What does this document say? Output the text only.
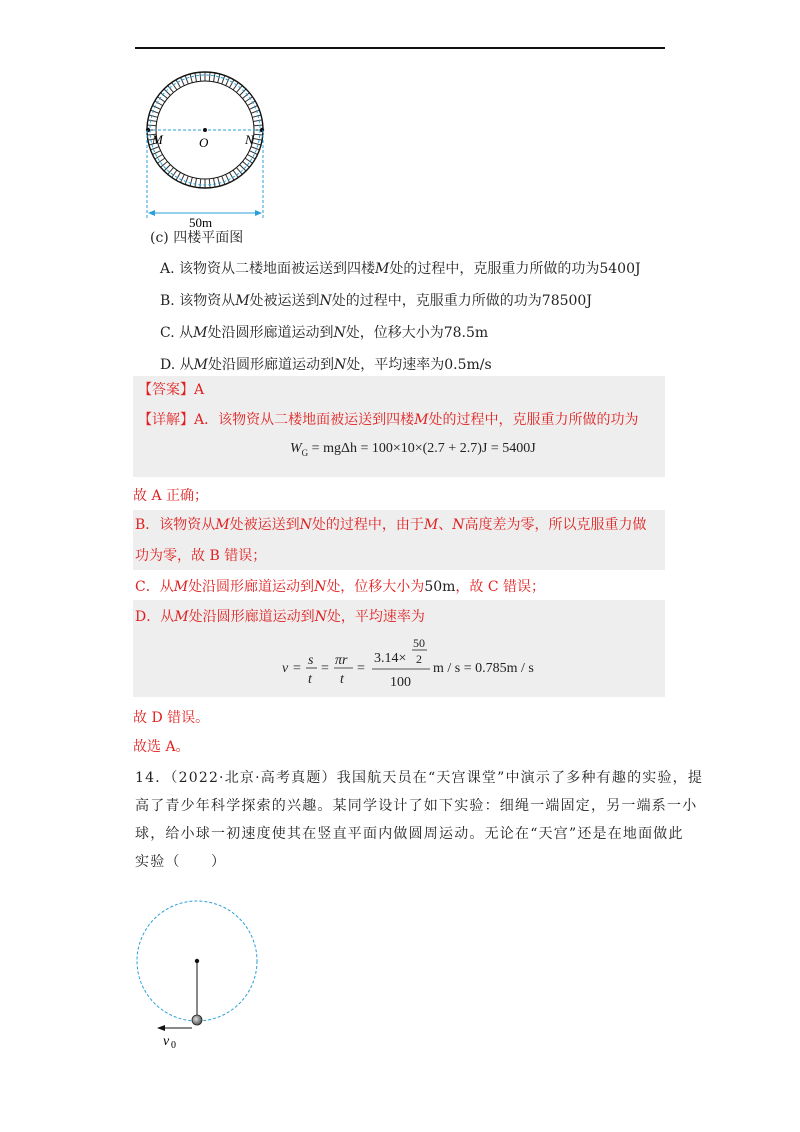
M	O	N
50m
(c) 四楼平面图
A. 该物资从二楼地面被运送到四楼M处的过程中，克服重力所做的功为5400J
B. 该物资从M处被运送到N处的过程中，克服重力所做的功为78500J
C. 从M处沿圆形廊道运动到N处，位移大小为78.5m
D. 从M处沿圆形廊道运动到N处，平均速率为0.5m/s
【答案】A
【详解】A．该物资从二楼地面被运送到四楼M处的过程中，克服重力所做的功为
$W_G = mg\Delta h = 100\times 10\times(2.7 + 2.7)J = 5400J$
故 A 正确；
B．该物资从M处被运送到N处的过程中，由于M、N高度差为零，所以克服重力做
功为零，故 B 错误；
C．从M处沿圆形廊道运动到N处，位移大小为50m，故 C 错误；
D．从M处沿圆形廊道运动到N处，平均速率为
v =
s
t
=
πr
t
=
3.14×
50
2
100
m / s = 0.785m / s
故 D 错误。
故选 A。
14．（2022·北京·高考真题）我国航天员在“天宫课堂”中演示了多种有趣的实验，提
高了青少年科学探索的兴趣。某同学设计了如下实验：细绳一端固定，另一端系一小
球，给小球一初速度使其在竖直平面内做圆周运动。无论在“天宫”还是在地面做此
实验（　　）
v 0
